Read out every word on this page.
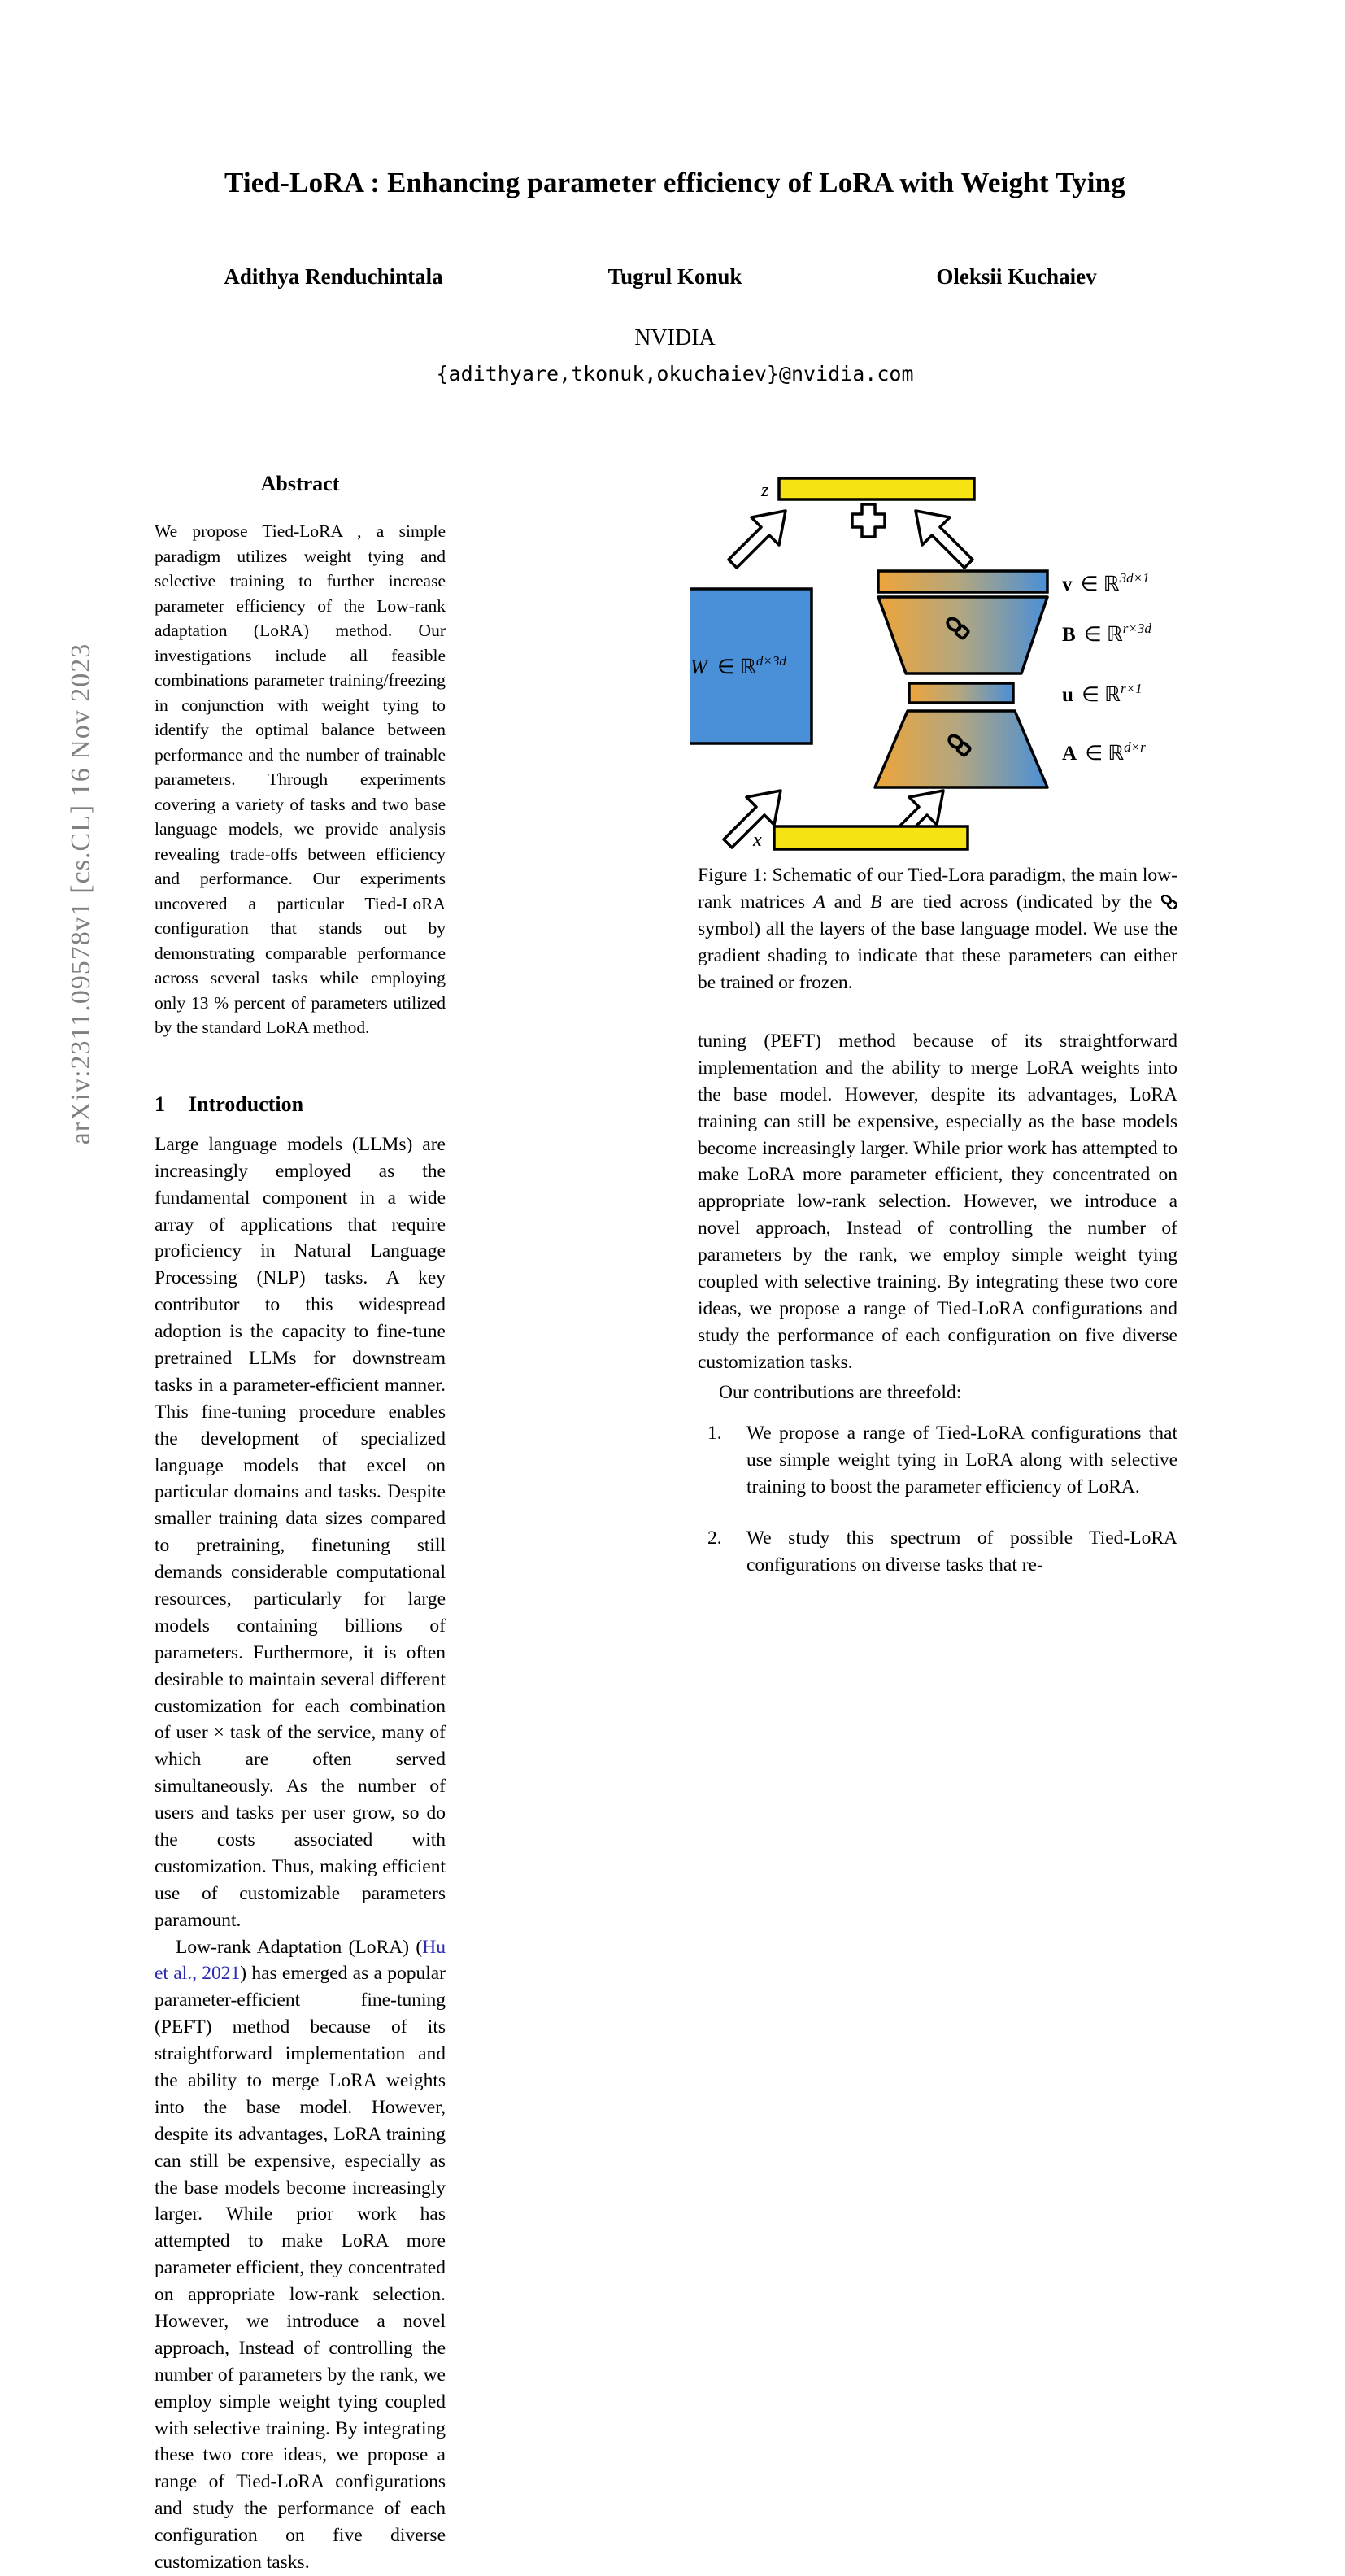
arXiv:2311.09578v1 [cs.CL] 16 Nov 2023
Tied-LoRA : Enhancing parameter efficiency of LoRA with Weight Tying
Adithya Renduchintala	Tugrul Konuk	Oleksii Kuchaiev
NVIDIA
{adithyare,tkonuk,okuchaiev}@nvidia.com
Abstract
We propose Tied-LoRA , a simple paradigm utilizes weight tying and selective training to further increase parameter efficiency of the Low-rank adaptation (LoRA) method. Our investigations include all feasible combinations parameter training/freezing in conjunction with weight tying to identify the optimal balance between performance and the number of trainable parameters. Through experiments covering a variety of tasks and two base language models, we provide analysis revealing trade-offs between efficiency and performance. Our experiments uncovered a particular Tied-LoRA configuration that stands out by demonstrating comparable performance across several tasks while employing only 13 % percent of parameters utilized by the standard LoRA method.
1 Introduction
Large language models (LLMs) are increasingly employed as the fundamental component in a wide array of applications that require proficiency in Natural Language Processing (NLP) tasks. A key contributor to this widespread adoption is the capacity to fine-tune pretrained LLMs for downstream tasks in a parameter-efficient manner. This fine-tuning procedure enables the development of specialized language models that excel on particular domains and tasks. Despite smaller training data sizes compared to pretraining, finetuning still demands considerable computational resources, particularly for large models containing billions of parameters. Furthermore, it is often desirable to maintain several different customization for each combination of user × task of the service, many of which are often served simultaneously. As the number of users and tasks per user grow, so do the costs associated with customization. Thus, making efficient use of customizable parameters paramount.
Low-rank Adaptation (LoRA) (Hu et al., 2021) has emerged as a popular parameter-efficient fine-tuning (PEFT) method because of its straightforward implementation and the ability to merge LoRA weights into the base model. However, despite its advantages, LoRA training can still be expensive, especially as the base models become increasingly larger. While prior work has attempted to make LoRA more parameter efficient, they concentrated on appropriate low-rank selection. However, we introduce a novel approach, Instead of controlling the number of parameters by the rank, we employ simple weight tying coupled with selective training. By integrating these two core ideas, we propose a range of Tied-LoRA configurations and study the performance of each configuration on five diverse customization tasks.
z
W ∈ ℝ$^{d\times 3d}$
v ∈ ℝ$^{3d\times 1}$
B ∈ ℝ$^{r\times 3d}$
u ∈ ℝ$^{r\times 1}$
A ∈ ℝ$^{d\times r}$
x
Figure 1: Schematic of our Tied-Lora paradigm, the main low-rank matrices A and B are tied across (indicated by the  symbol) all the layers of the base language model. We use the gradient shading to indicate that these parameters can either be trained or frozen.
tuning (PEFT) method because of its straightforward implementation and the ability to merge LoRA weights into the base model. However, despite its advantages, LoRA training can still be expensive, especially as the base models become increasingly larger. While prior work has attempted to make LoRA more parameter efficient, they concentrated on appropriate low-rank selection. However, we introduce a novel approach, Instead of controlling the number of parameters by the rank, we employ simple weight tying coupled with selective training. By integrating these two core ideas, we propose a range of Tied-LoRA configurations and study the performance of each configuration on five diverse customization tasks.
Our contributions are threefold:
1. We propose a range of Tied-LoRA configurations that use simple weight tying in LoRA along with selective training to boost the parameter efficiency of LoRA.
2. We study this spectrum of possible Tied-LoRA configurations on diverse tasks that re-
